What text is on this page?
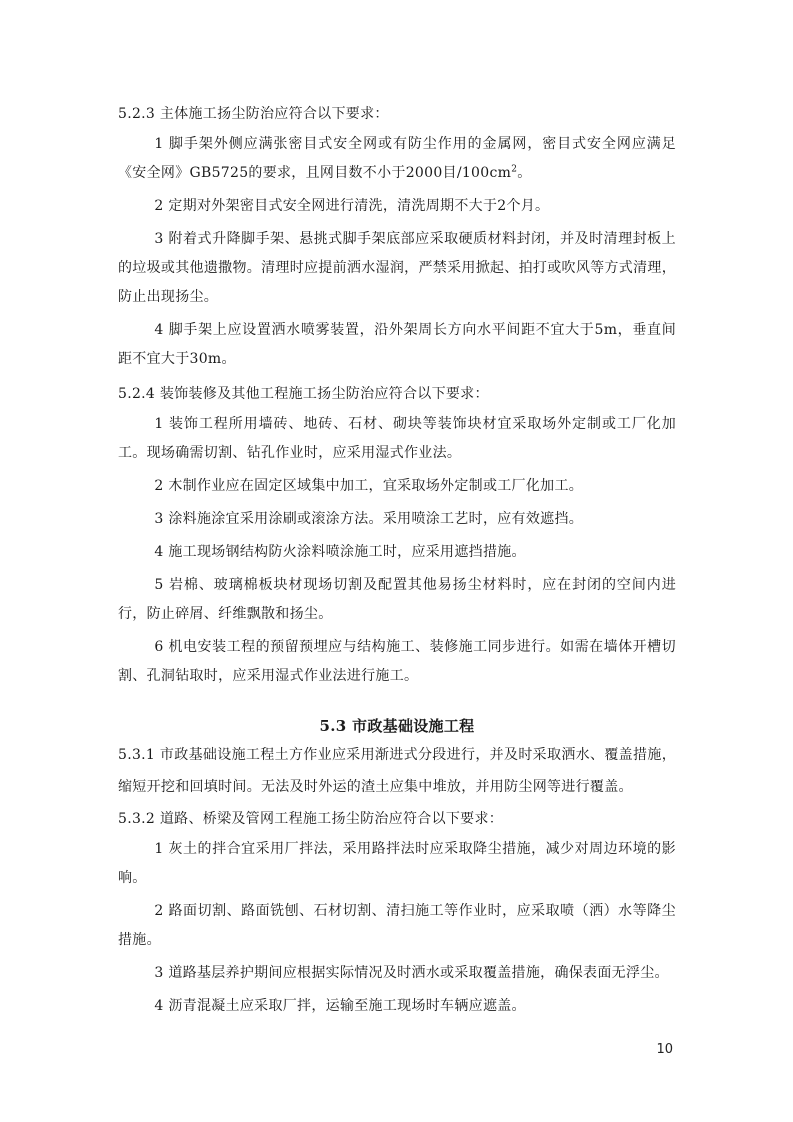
5.2.3 主体施工扬尘防治应符合以下要求：

1 脚手架外侧应满张密目式安全网或有防尘作用的金属网，密目式安全网应满足《安全网》GB5725的要求，且网目数不小于2000目$/100cm^2$。

2 定期对外架密目式安全网进行清洗，清洗周期不大于2个月。

3 附着式升降脚手架、悬挑式脚手架底部应采取硬质材料封闭，并及时清理封板上的垃圾或其他遗撒物。清理时应提前洒水湿润，严禁采用掀起、拍打或吹风等方式清理，防止出现扬尘。

4 脚手架上应设置洒水喷雾装置，沿外架周长方向水平间距不宜大于5m，垂直间距不宜大于30m。

5.2.4 装饰装修及其他工程施工扬尘防治应符合以下要求：

1 装饰工程所用墙砖、地砖、石材、砌块等装饰块材宜采取场外定制或工厂化加工。现场确需切割、钻孔作业时，应采用湿式作业法。

2 木制作业应在固定区域集中加工，宜采取场外定制或工厂化加工。

3 涂料施涂宜采用涂刷或滚涂方法。采用喷涂工艺时，应有效遮挡。

4 施工现场钢结构防火涂料喷涂施工时，应采用遮挡措施。

5 岩棉、玻璃棉板块材现场切割及配置其他易扬尘材料时，应在封闭的空间内进行，防止碎屑、纤维飘散和扬尘。

6 机电安装工程的预留预埋应与结构施工、装修施工同步进行。如需在墙体开槽切割、孔洞钻取时，应采用湿式作业法进行施工。

5.3 市政基础设施工程

5.3.1 市政基础设施工程土方作业应采用渐进式分段进行，并及时采取洒水、覆盖措施，缩短开挖和回填时间。无法及时外运的渣土应集中堆放，并用防尘网等进行覆盖。

5.3.2 道路、桥梁及管网工程施工扬尘防治应符合以下要求：

1 灰土的拌合宜采用厂拌法，采用路拌法时应采取降尘措施，减少对周边环境的影响。

2 路面切割、路面铣刨、石材切割、清扫施工等作业时，应采取喷（洒）水等降尘措施。

3 道路基层养护期间应根据实际情况及时洒水或采取覆盖措施，确保表面无浮尘。

4 沥青混凝土应采取厂拌，运输至施工现场时车辆应遮盖。

10
